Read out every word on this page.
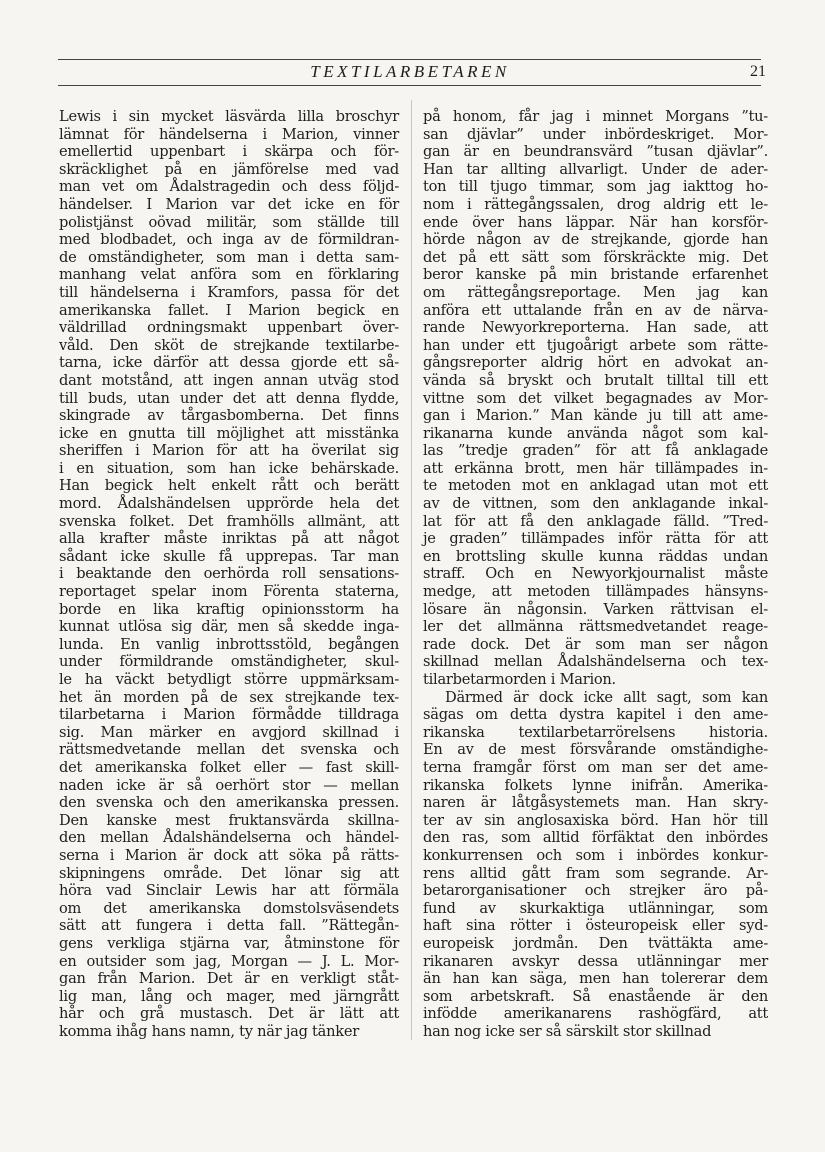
TEXTILARBETAREN	21
Lewis i sin mycket läsvärda lilla broschyr
lämnat för händelserna i Marion, vinner
emellertid uppenbart i skärpa och för-
skräcklighet på en jämförelse med vad
man vet om Ådalstragedin och dess följd-
händelser. I Marion var det icke en för
polistjänst oövad militär, som ställde till
med blodbadet, och inga av de förmildran-
de omständigheter, som man i detta sam-
manhang velat anföra som en förklaring
till händelserna i Kramfors, passa för det
amerikanska fallet. I Marion begick en
väldrillad ordningsmakt uppenbart över-
våld. Den sköt de strejkande textilarbe-
tarna, icke därför att dessa gjorde ett så-
dant motstånd, att ingen annan utväg stod
till buds, utan under det att denna flydde,
skingrade av tårgasbomberna. Det finns
icke en gnutta till möjlighet att misstänka
sheriffen i Marion för att ha överilat sig
i en situation, som han icke behärskade.
Han begick helt enkelt rått och berätt
mord. Ådalshändelsen upprörde hela det
svenska folket. Det framhölls allmänt, att
alla krafter måste inriktas på att något
sådant icke skulle få upprepas. Tar man
i beaktande den oerhörda roll sensations-
reportaget spelar inom Förenta staterna,
borde en lika kraftig opinionsstorm ha
kunnat utlösa sig där, men så skedde inga-
lunda. En vanlig inbrottsstöld, begången
under förmildrande omständigheter, skul-
le ha väckt betydligt större uppmärksam-
het än morden på de sex strejkande tex-
tilarbetarna i Marion förmådde tilldraga
sig. Man märker en avgjord skillnad i
rättsmedvetande mellan det svenska och
det amerikanska folket eller — fast skill-
naden icke är så oerhört stor — mellan
den svenska och den amerikanska pressen.
Den kanske mest fruktansvärda skillna-
den mellan Ådalshändelserna och händel-
serna i Marion är dock att söka på rätts-
skipningens område. Det lönar sig att
höra vad Sinclair Lewis har att förmäla
om det amerikanska domstolsväsendets
sätt att fungera i detta fall. ”Rättegån-
gens verkliga stjärna var, åtminstone för
en outsider som jag, Morgan — J. L. Mor-
gan från Marion. Det är en verkligt ståt-
lig man, lång och mager, med järngrått
hår och grå mustasch. Det är lätt att
komma ihåg hans namn, ty när jag tänker
på honom, får jag i minnet Morgans ”tu-
san djävlar” under inbördeskriget. Mor-
gan är en beundransvärd ”tusan djävlar”.
Han tar allting allvarligt. Under de ader-
ton till tjugo timmar, som jag iakttog ho-
nom i rättegångssalen, drog aldrig ett le-
ende över hans läppar. När han korsför-
hörde någon av de strejkande, gjorde han
det på ett sätt som förskräckte mig. Det
beror kanske på min bristande erfarenhet
om rättegångsreportage. Men jag kan
anföra ett uttalande från en av de närva-
rande Newyorkreporterna. Han sade, att
han under ett tjugoårigt arbete som rätte-
gångsreporter aldrig hört en advokat an-
vända så bryskt och brutalt tilltal till ett
vittne som det vilket begagnades av Mor-
gan i Marion.” Man kände ju till att ame-
rikanarna kunde använda något som kal-
las ”tredje graden” för att få anklagade
att erkänna brott, men här tillämpades in-
te metoden mot en anklagad utan mot ett
av de vittnen, som den anklagande inkal-
lat för att få den anklagade fälld. ”Tred-
je graden” tillämpades inför rätta för att
en brottsling skulle kunna räddas undan
straff. Och en Newyorkjournalist måste
medge, att metoden tillämpades hänsyns-
lösare än någonsin. Varken rättvisan el-
ler det allmänna rättsmedvetandet reage-
rade dock. Det är som man ser någon
skillnad mellan Ådalshändelserna och tex-
tilarbetarmorden i Marion.
Därmed är dock icke allt sagt, som kan
sägas om detta dystra kapitel i den ame-
rikanska textilarbetarrörelsens historia.
En av de mest försvårande omständighe-
terna framgår först om man ser det ame-
rikanska folkets lynne inifrån. Amerika-
naren är låtgåsystemets man. Han skry-
ter av sin anglosaxiska börd. Han hör till
den ras, som alltid förfäktat den inbördes
konkurrensen och som i inbördes konkur-
rens alltid gått fram som segrande. Ar-
betarorganisationer och strejker äro på-
fund av skurkaktiga utlänningar, som
haft sina rötter i östeuropeisk eller syd-
europeisk jordmån. Den tvättäkta ame-
rikanaren avskyr dessa utlänningar mer
än han kan säga, men han tolererar dem
som arbetskraft. Så enastående är den
infödde amerikanarens rashögfärd, att
han nog icke ser så särskilt stor skillnad
